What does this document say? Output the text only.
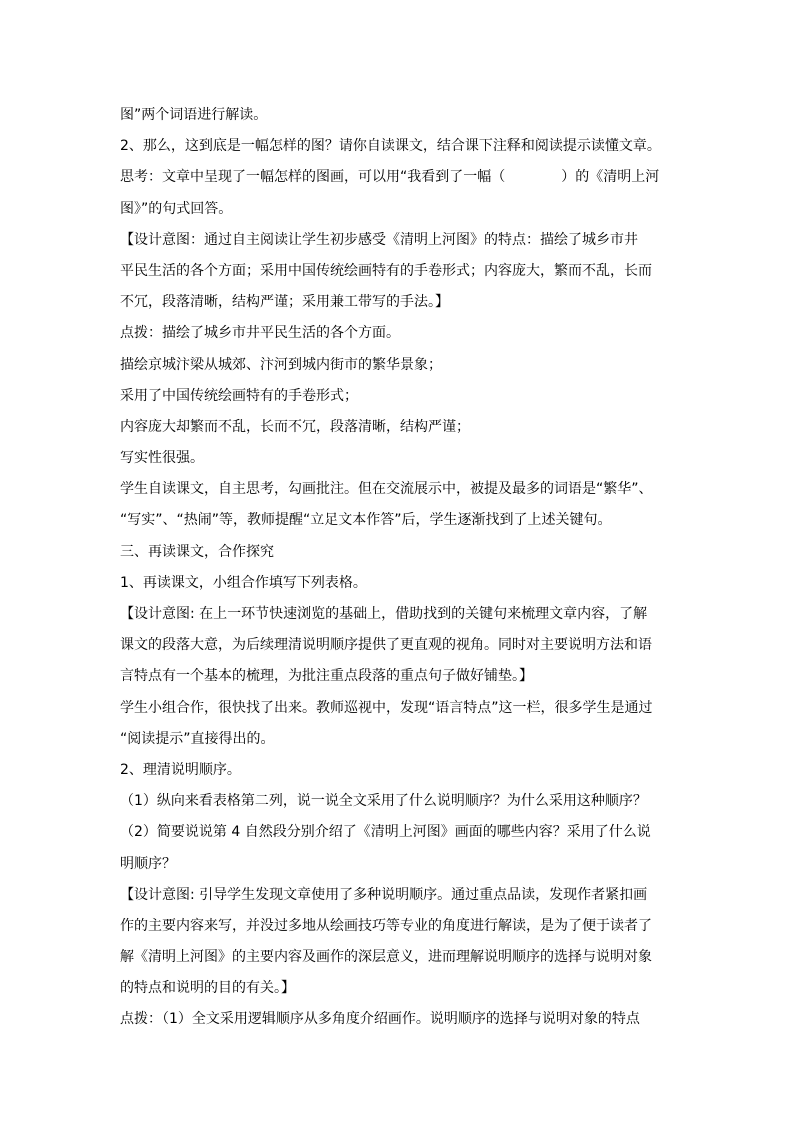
图”两个词语进行解读。
2、那么，这到底是一幅怎样的图？请你自读课文，结合课下注释和阅读提示读懂文章。
思考：文章中呈现了一幅怎样的图画，可以用“我看到了一幅（　　　　）的《清明上河
图》”的句式回答。
【设计意图：通过自主阅读让学生初步感受《清明上河图》的特点：描绘了城乡市井
平民生活的各个方面；采用中国传统绘画特有的手卷形式；内容庞大，繁而不乱，长而
不冗，段落清晰，结构严谨；采用兼工带写的手法。】
点拨：描绘了城乡市井平民生活的各个方面。
描绘京城汴梁从城郊、汴河到城内街市的繁华景象；
采用了中国传统绘画特有的手卷形式；
内容庞大却繁而不乱，长而不冗，段落清晰，结构严谨；
写实性很强。
学生自读课文，自主思考，勾画批注。但在交流展示中，被提及最多的词语是“繁华”、
“写实”、“热闹”等，教师提醒“立足文本作答”后，学生逐渐找到了上述关键句。
三、再读课文，合作探究
1、再读课文，小组合作填写下列表格。
【设计意图: 在上一环节快速浏览的基础上，借助找到的关键句来梳理文章内容，了解
课文的段落大意，为后续理清说明顺序提供了更直观的视角。同时对主要说明方法和语
言特点有一个基本的梳理，为批注重点段落的重点句子做好铺垫。】
学生小组合作，很快找了出来。教师巡视中，发现“语言特点”这一栏，很多学生是通过
“阅读提示”直接得出的。
2、理清说明顺序。
（1）纵向来看表格第二列，说一说全文采用了什么说明顺序？为什么采用这种顺序？
（2）简要说说第 4 自然段分别介绍了《清明上河图》画面的哪些内容？采用了什么说
明顺序？
【设计意图: 引导学生发现文章使用了多种说明顺序。通过重点品读，发现作者紧扣画
作的主要内容来写，并没过多地从绘画技巧等专业的角度进行解读，是为了便于读者了
解《清明上河图》的主要内容及画作的深层意义，进而理解说明顺序的选择与说明对象
的特点和说明的目的有关。】
点拨：（1）全文采用逻辑顺序从多角度介绍画作。说明顺序的选择与说明对象的特点
